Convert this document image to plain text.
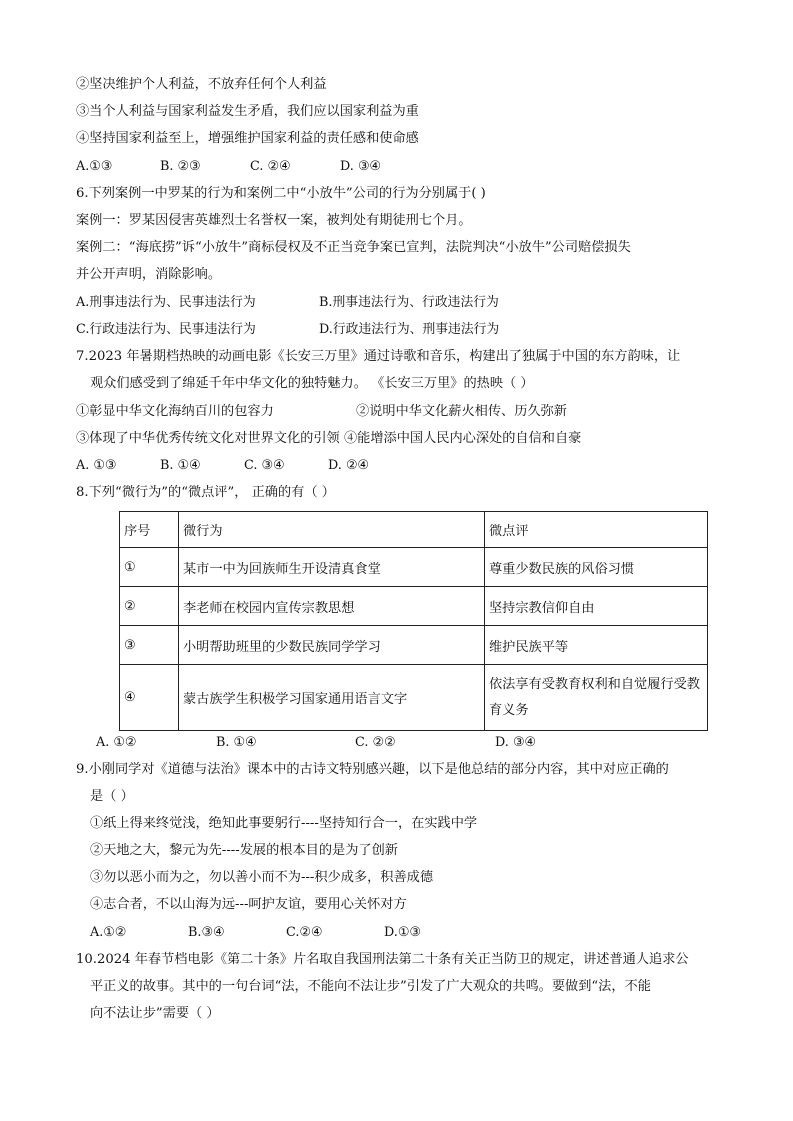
②坚决维护个人利益，不放弃任何个人利益
③当个人利益与国家利益发生矛盾，我们应以国家利益为重
④坚持国家利益至上，增强维护国家利益的责任感和使命感
A.①③	B. ②③	C. ②④	D. ③④
6.下列案例一中罗某的行为和案例二中“小放牛”公司的行为分别属于( )
案例一：罗某因侵害英雄烈士名誉权一案，被判处有期徒刑七个月。
案例二：“海底捞”诉“小放牛”商标侵权及不正当竞争案已宣判，法院判决“小放牛”公司赔偿损失
并公开声明，消除影响。
A.刑事违法行为、民事违法行为	B.刑事违法行为、行政违法行为
C.行政违法行为、民事违法行为	D.行政违法行为、刑事违法行为
7.2023 年暑期档热映的动画电影《长安三万里》通过诗歌和音乐，构建出了独属于中国的东方韵味，让
观众们感受到了绵延千年中华文化的独特魅力。 《长安三万里》的热映（ ）
①彰显中华文化海纳百川的包容力	②说明中华文化薪火相传、历久弥新
③体现了中华优秀传统文化对世界文化的引领 ④能增添中国人民内心深处的自信和自豪
A. ①③	B. ①④	C. ③④	D. ②④
8.下列“微行为”的“微点评”， 正确的有（ ）
序号	微行为	微点评
①	某市一中为回族师生开设清真食堂	尊重少数民族的风俗习惯
②	李老师在校园内宣传宗教思想	坚持宗教信仰自由
③	小明帮助班里的少数民族同学学习	维护民族平等
④	蒙古族学生积极学习国家通用语言文字	依法享有受教育权利和自觉履行受教育义务
A. ①②	B. ①④	C. ②②	D. ③④
9.小刚同学对《道德与法治》课本中的古诗文特别感兴趣，以下是他总结的部分内容，其中对应正确的
是（ ）
①纸上得来终觉浅，绝知此事要躬行----坚持知行合一，在实践中学
②天地之大，黎元为先----发展的根本目的是为了创新
③勿以恶小而为之，勿以善小而不为---积少成多，积善成德
④志合者，不以山海为远---呵护友谊，要用心关怀对方
A.①②	B.③④	C.②④	D.①③
10.2024 年春节档电影《第二十条》片名取自我国刑法第二十条有关正当防卫的规定，讲述普通人追求公
平正义的故事。其中的一句台词“法，不能向不法让步”引发了广大观众的共鸣。要做到“法，不能
向不法让步”需要（ ）
